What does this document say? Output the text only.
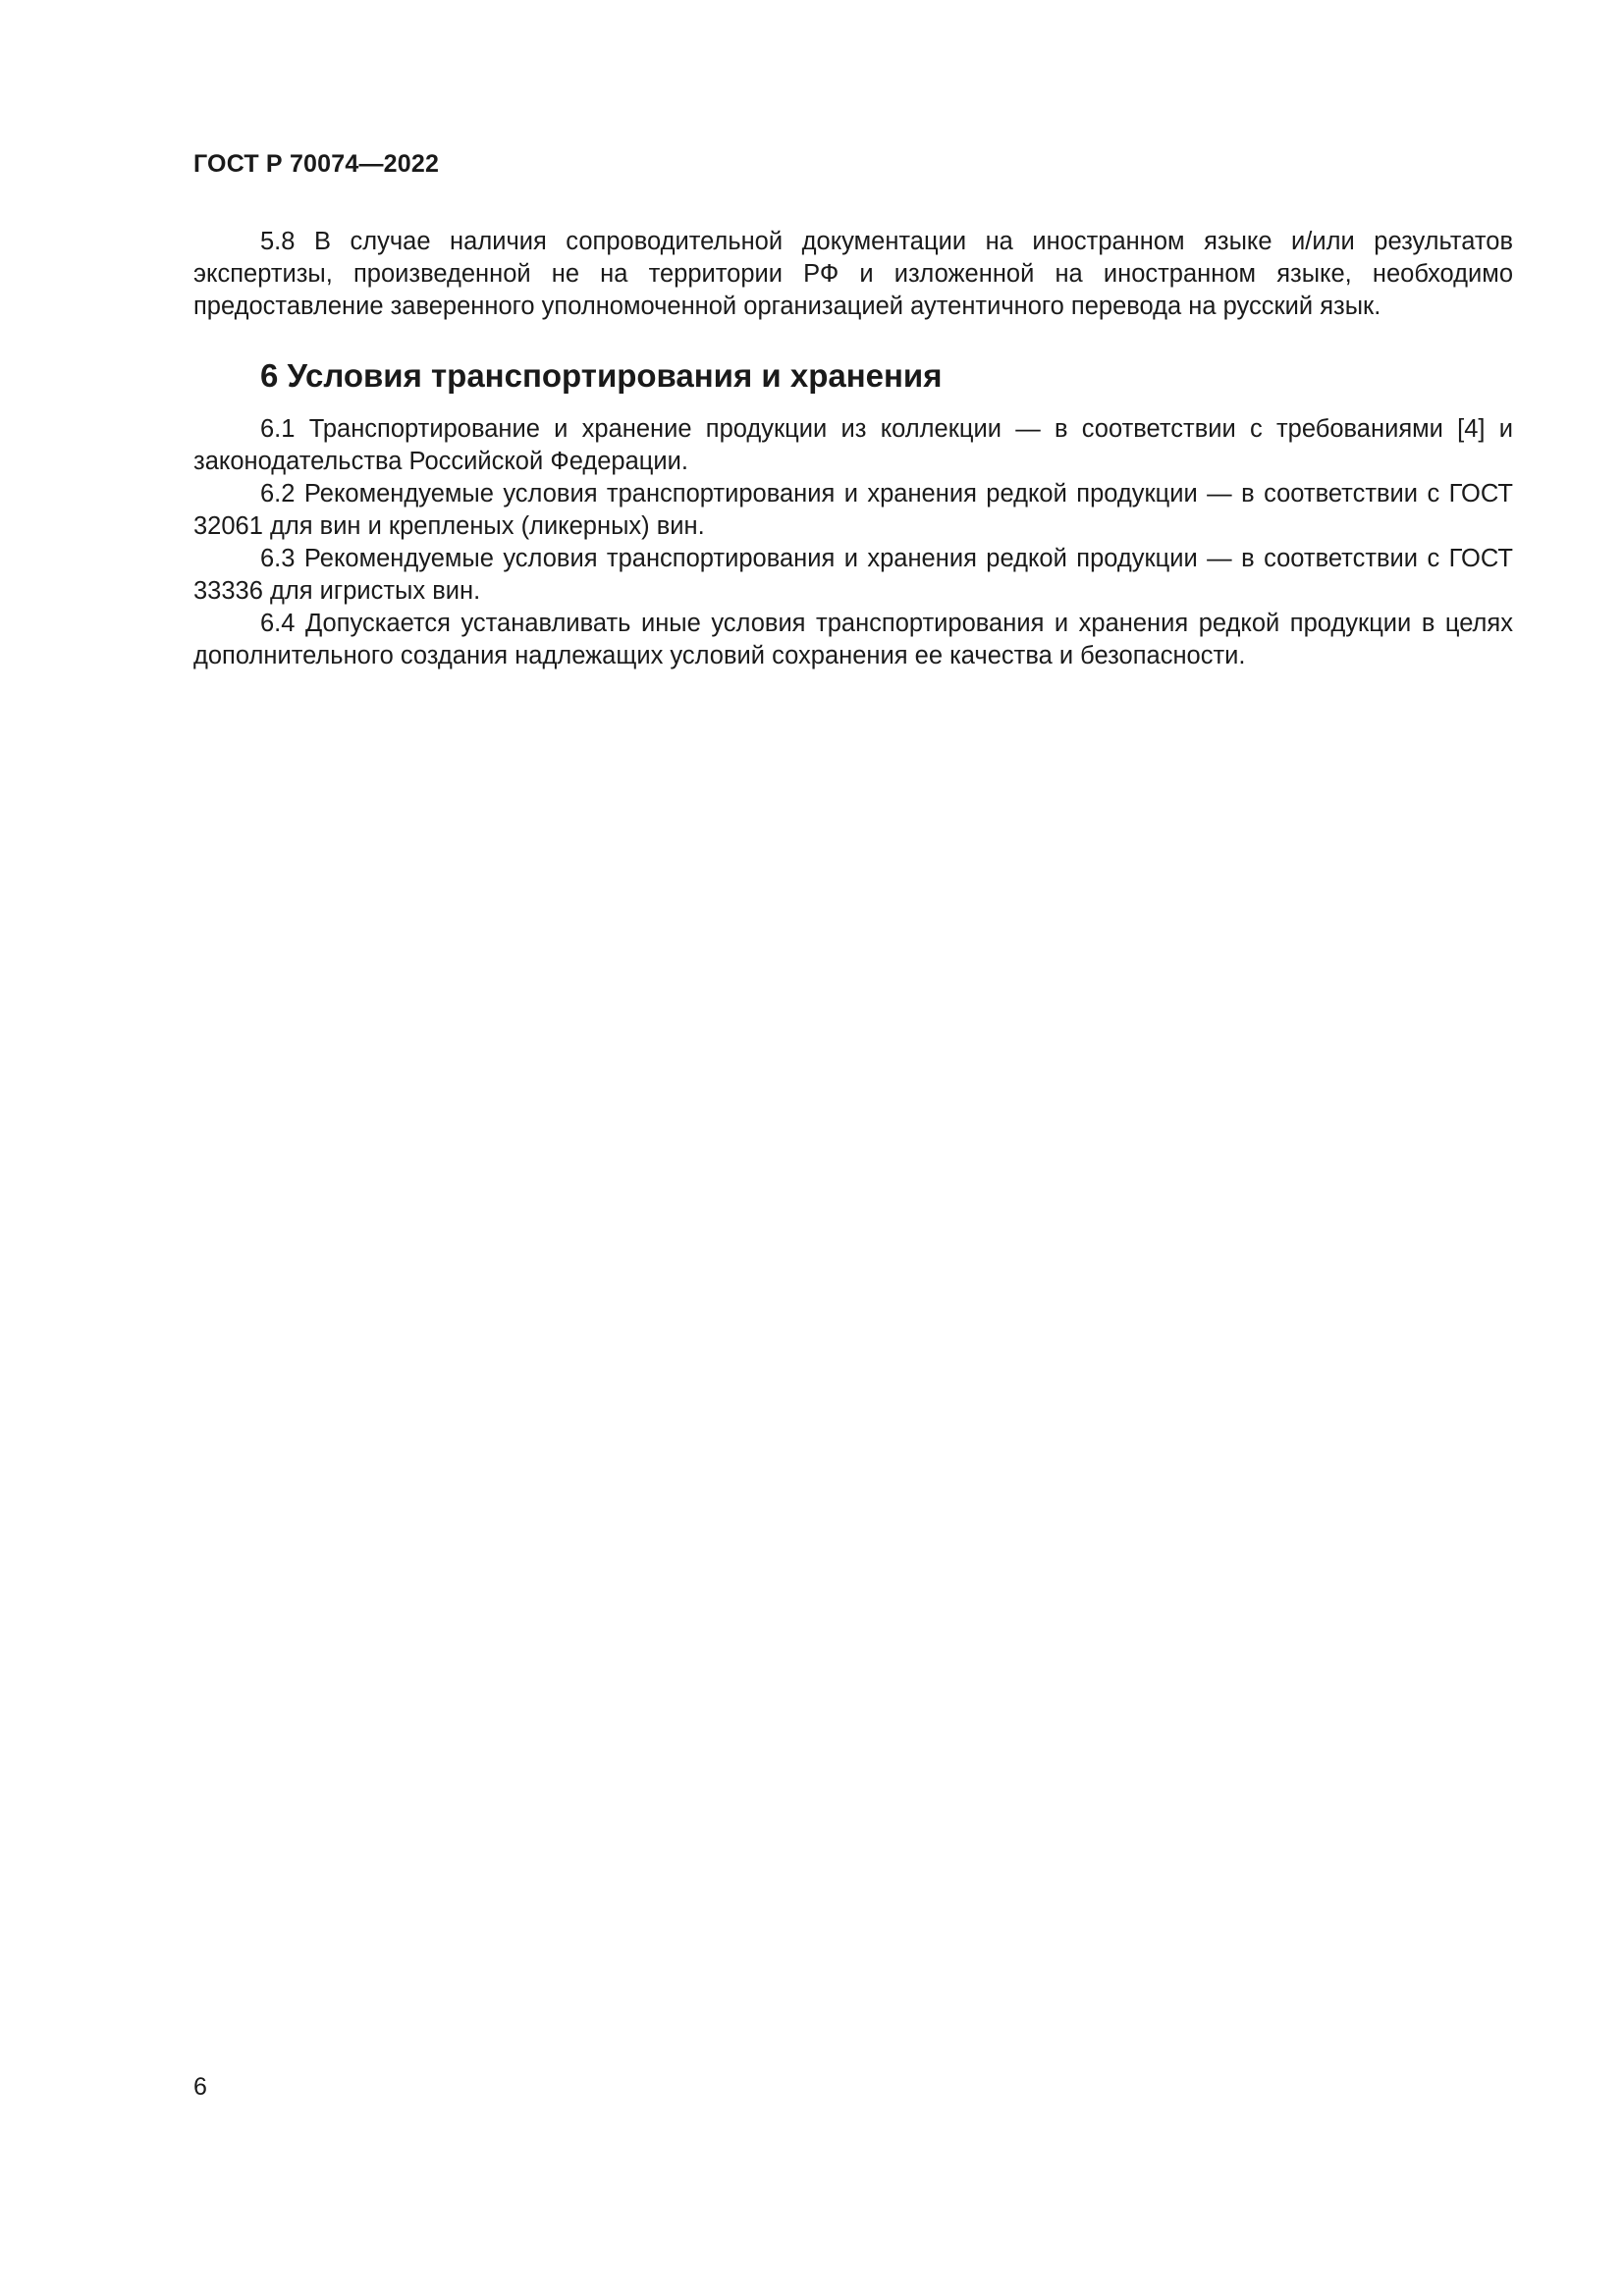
ГОСТ Р 70074—2022

5.8 В случае наличия сопроводительной документации на иностранном языке и/или результатов экспертизы, произведенной не на территории РФ и изложенной на иностранном языке, необходимо предоставление заверенного уполномоченной организацией аутентичного перевода на русский язык.

6 Условия транспортирования и хранения

6.1 Транспортирование и хранение продукции из коллекции — в соответствии с требованиями [4] и законодательства Российской Федерации.

6.2 Рекомендуемые условия транспортирования и хранения редкой продукции — в соответствии с ГОСТ 32061 для вин и крепленых (ликерных) вин.

6.3 Рекомендуемые условия транспортирования и хранения редкой продукции — в соответствии с ГОСТ 33336 для игристых вин.

6.4 Допускается устанавливать иные условия транспортирования и хранения редкой продукции в целях дополнительного создания надлежащих условий сохранения ее качества и безопасности.

6
